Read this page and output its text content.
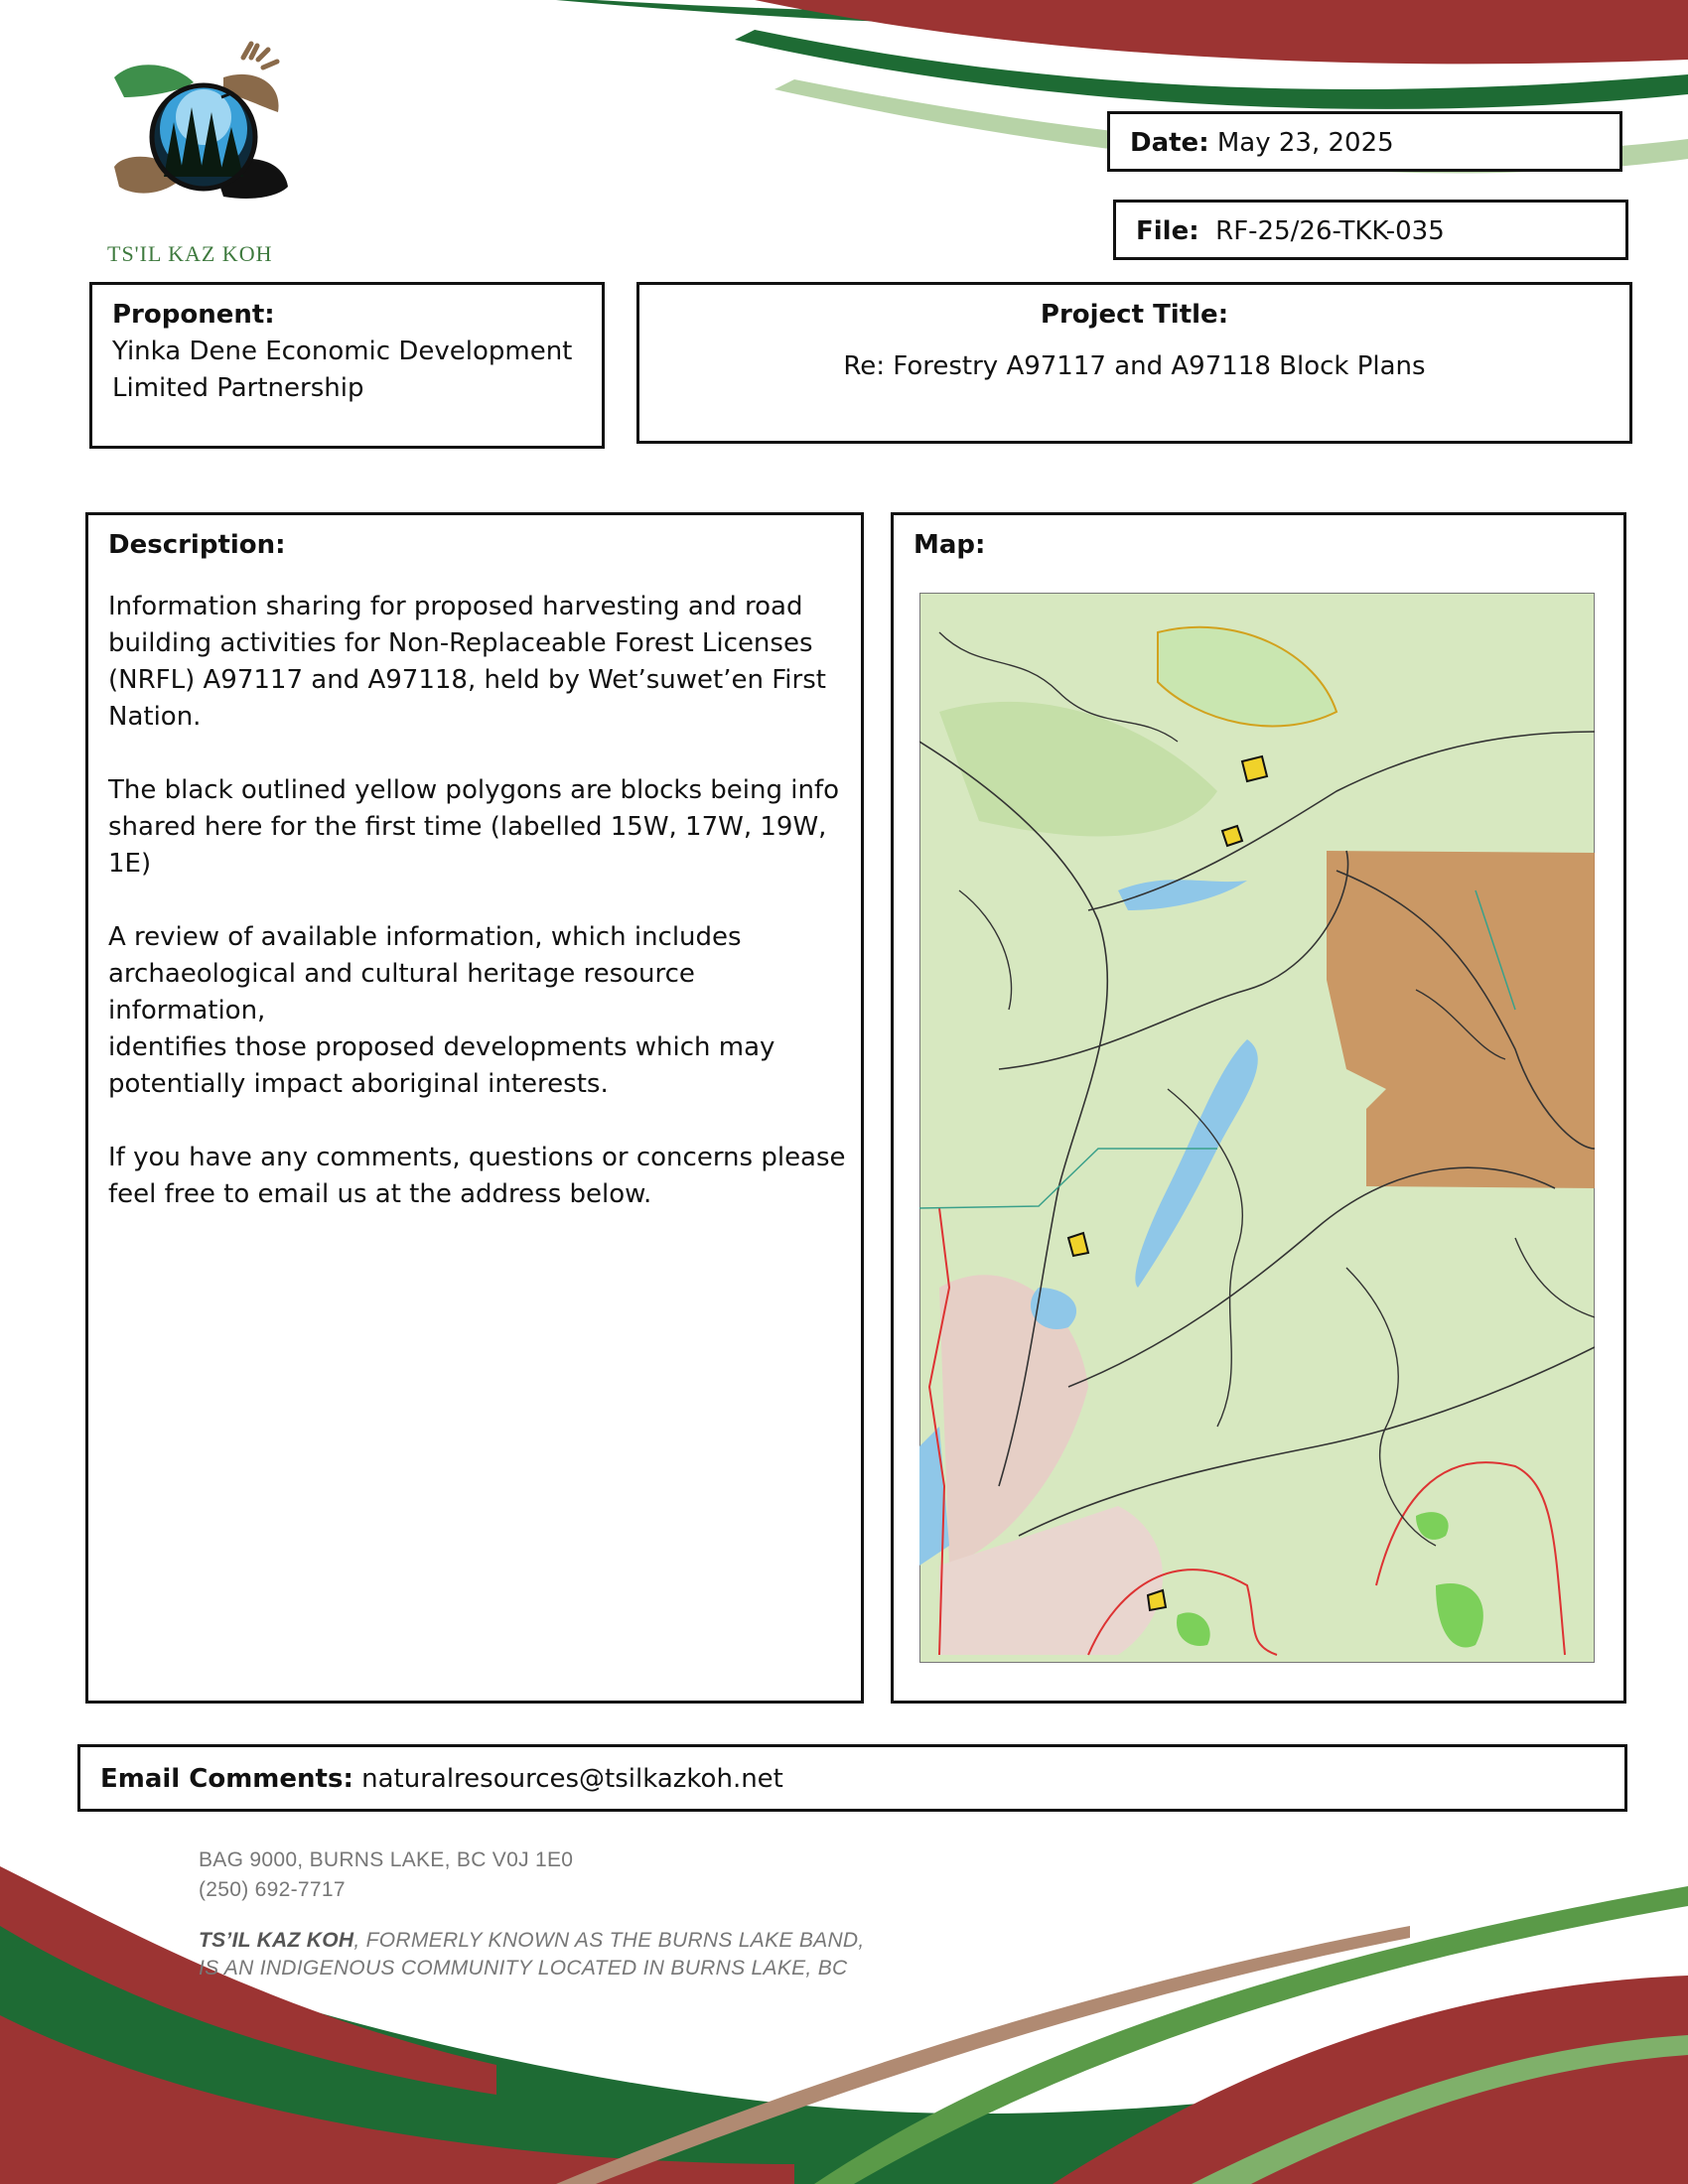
TS'IL KAZ KOH
Date: May 23, 2025
File: RF-25/26-TKK-035
Proponent:
Yinka Dene Economic Development
Limited Partnership
Project Title:
Re: Forestry A97117 and A97118 Block Plans
Description:
Information sharing for proposed harvesting and road
building activities for Non-Replaceable Forest Licenses
(NRFL) A97117 and A97118, held by Wet’suwet’en First
Nation.
The black outlined yellow polygons are blocks being info
shared here for the first time (labelled 15W, 17W, 19W, 1E)
A review of available information, which includes
archaeological and cultural heritage resource information,
identifies those proposed developments which may
potentially impact aboriginal interests.
If you have any comments, questions or concerns please
feel free to email us at the address below.
Map:
Email Comments: naturalresources@tsilkazkoh.net
BAG 9000, BURNS LAKE, BC V0J 1E0
(250) 692-7717
TS’IL KAZ KOH, FORMERLY KNOWN AS THE BURNS LAKE BAND,
IS AN INDIGENOUS COMMUNITY LOCATED IN BURNS LAKE, BC
